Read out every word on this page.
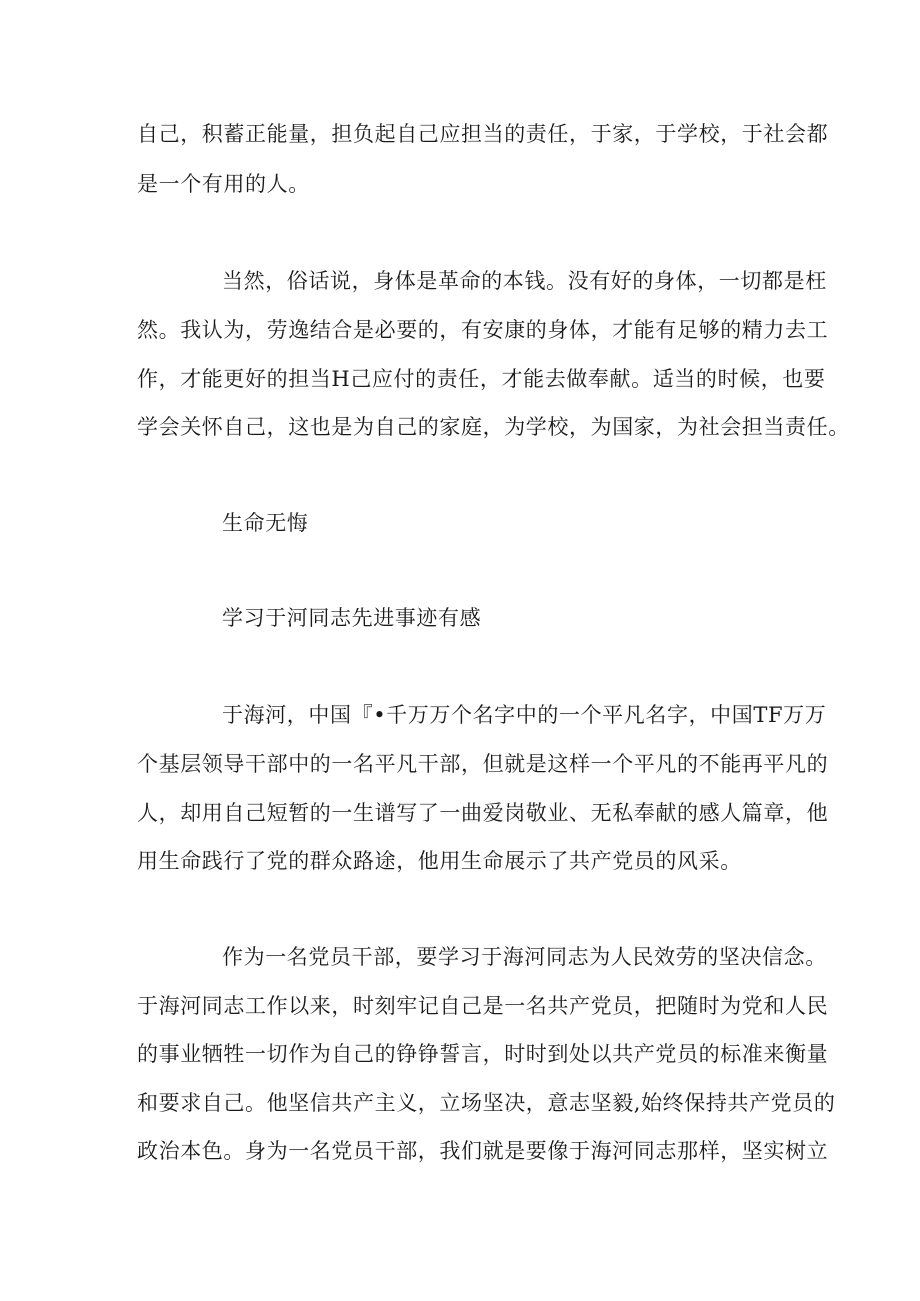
自己，积蓄正能量，担负起自己应担当的责任，于家，于学校，于社会都
是一个有用的人。
当然，俗话说，身体是革命的本钱。没有好的身体，一切都是枉
然。我认为，劳逸结合是必要的，有安康的身体，才能有足够的精力去工
作，才能更好的担当H己应付的责任，才能去做奉献。适当的时候，也要
学会关怀自己，这也是为自己的家庭，为学校，为国家，为社会担当责任。
生命无悔
学习于河同志先进事迹有感
于海河，中国『•千万万个名字中的一个平凡名字，中国TF万万
个基层领导干部中的一名平凡干部，但就是这样一个平凡的不能再平凡的
人，却用自己短暂的一生谱写了一曲爱岗敬业、无私奉献的感人篇章，他
用生命践行了党的群众路途，他用生命展示了共产党员的风采。
作为一名党员干部，要学习于海河同志为人民效劳的坚决信念。
于海河同志工作以来，时刻牢记自己是一名共产党员，把随时为党和人民
的事业牺牲一切作为自己的铮铮誓言，时时到处以共产党员的标准来衡量
和要求自己。他坚信共产主义，立场坚决，意志坚毅,始终保持共产党员的
政治本色。身为一名党员干部，我们就是要像于海河同志那样，坚实树立
